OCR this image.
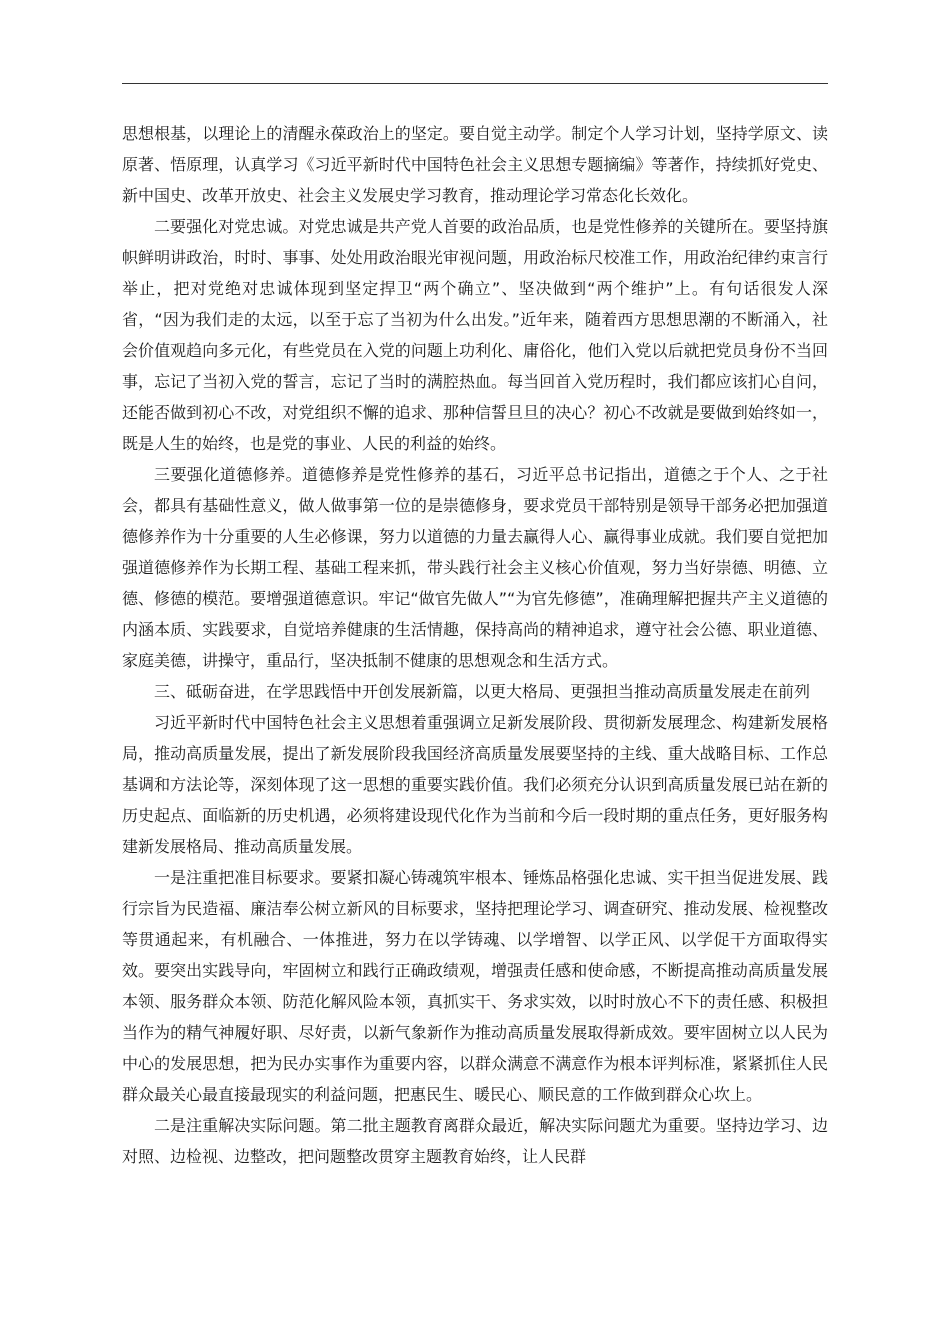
思想根基，以理论上的清醒永葆政治上的坚定。要自觉主动学。制定个人学习计划，坚持学原文、读原著、悟原理，认真学习《习近平新时代中国特色社会主义思想专题摘编》等著作，持续抓好党史、新中国史、改革开放史、社会主义发展史学习教育，推动理论学习常态化长效化。

二要强化对党忠诚。对党忠诚是共产党人首要的政治品质，也是党性修养的关键所在。要坚持旗帜鲜明讲政治，时时、事事、处处用政治眼光审视问题，用政治标尺校准工作，用政治纪律约束言行举止，把对党绝对忠诚体现到坚定捍卫“两个确立”、坚决做到“两个维护”上。有句话很发人深省，“因为我们走的太远，以至于忘了当初为什么出发。”近年来，随着西方思想思潮的不断涌入，社会价值观趋向多元化，有些党员在入党的问题上功利化、庸俗化，他们入党以后就把党员身份不当回事，忘记了当初入党的誓言，忘记了当时的满腔热血。每当回首入党历程时，我们都应该扪心自问，还能否做到初心不改，对党组织不懈的追求、那种信誓旦旦的决心？初心不改就是要做到始终如一，既是人生的始终，也是党的事业、人民的利益的始终。

三要强化道德修养。道德修养是党性修养的基石，习近平总书记指出，道德之于个人、之于社会，都具有基础性意义，做人做事第一位的是崇德修身，要求党员干部特别是领导干部务必把加强道德修养作为十分重要的人生必修课，努力以道德的力量去赢得人心、赢得事业成就。我们要自觉把加强道德修养作为长期工程、基础工程来抓，带头践行社会主义核心价值观，努力当好崇德、明德、立德、修德的模范。要增强道德意识。牢记“做官先做人”“为官先修德”，准确理解把握共产主义道德的内涵本质、实践要求，自觉培养健康的生活情趣，保持高尚的精神追求，遵守社会公德、职业道德、家庭美德，讲操守，重品行，坚决抵制不健康的思想观念和生活方式。

三、砥砺奋进，在学思践悟中开创发展新篇，以更大格局、更强担当推动高质量发展走在前列

习近平新时代中国特色社会主义思想着重强调立足新发展阶段、贯彻新发展理念、构建新发展格局，推动高质量发展，提出了新发展阶段我国经济高质量发展要坚持的主线、重大战略目标、工作总基调和方法论等，深刻体现了这一思想的重要实践价值。我们必须充分认识到高质量发展已站在新的历史起点、面临新的历史机遇，必须将建设现代化作为当前和今后一段时期的重点任务，更好服务构建新发展格局、推动高质量发展。

一是注重把准目标要求。要紧扣凝心铸魂筑牢根本、锤炼品格强化忠诚、实干担当促进发展、践行宗旨为民造福、廉洁奉公树立新风的目标要求，坚持把理论学习、调查研究、推动发展、检视整改等贯通起来，有机融合、一体推进，努力在以学铸魂、以学增智、以学正风、以学促干方面取得实效。要突出实践导向，牢固树立和践行正确政绩观，增强责任感和使命感，不断提高推动高质量发展本领、服务群众本领、防范化解风险本领，真抓实干、务求实效，以时时放心不下的责任感、积极担当作为的精气神履好职、尽好责，以新气象新作为推动高质量发展取得新成效。要牢固树立以人民为中心的发展思想，把为民办实事作为重要内容，以群众满意不满意作为根本评判标准，紧紧抓住人民群众最关心最直接最现实的利益问题，把惠民生、暖民心、顺民意的工作做到群众心坎上。

二是注重解决实际问题。第二批主题教育离群众最近，解决实际问题尤为重要。坚持边学习、边对照、边检视、边整改，把问题整改贯穿主题教育始终，让人民群
